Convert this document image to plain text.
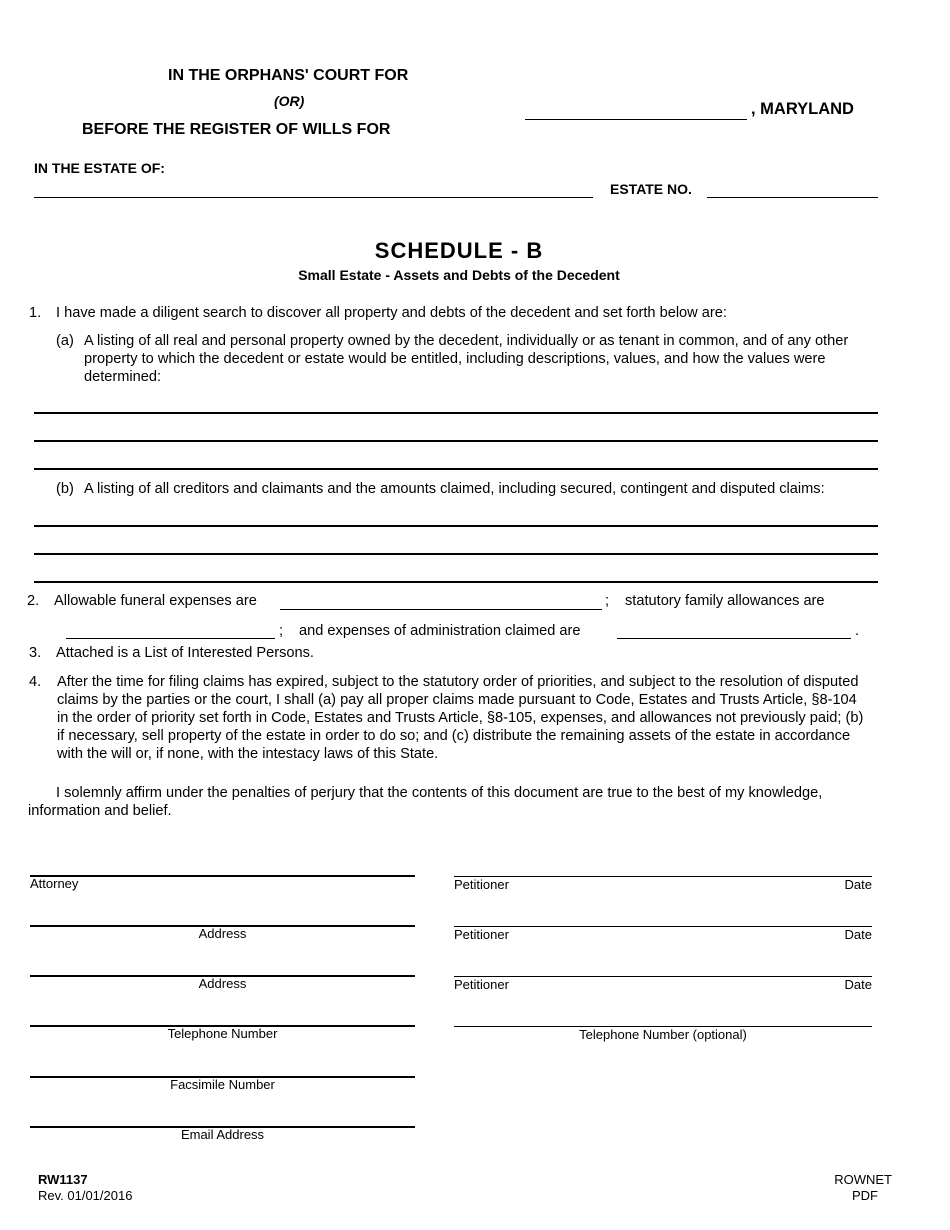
IN THE ORPHANS' COURT FOR
(OR)
BEFORE THE REGISTER OF WILLS FOR
, MARYLAND
IN THE ESTATE OF:
ESTATE NO.
SCHEDULE - B
Small Estate - Assets and Debts of the Decedent
1. I have made a diligent search to discover all property and debts of the decedent and set forth below are:
(a) A listing of all real and personal property owned by the decedent, individually or as tenant in common, and of any other property to which the decedent or estate would be entitled, including descriptions, values, and how the values were determined:
(b) A listing of all creditors and claimants and the amounts claimed, including secured, contingent and disputed claims:
2. Allowable funeral expenses are	; statutory family allowances are
; and expenses of administration claimed are	.
3. Attached is a List of Interested Persons.
4. After the time for filing claims has expired, subject to the statutory order of priorities, and subject to the resolution of disputed claims by the parties or the court, I shall (a) pay all proper claims made pursuant to Code, Estates and Trusts Article, §8-104 in the order of priority set forth in Code, Estates and Trusts Article, §8-105, expenses, and allowances not previously paid; (b) if necessary, sell property of the estate in order to do so; and (c) distribute the remaining assets of the estate in accordance with the will or, if none, with the intestacy laws of this State.
I solemnly affirm under the penalties of perjury that the contents of this document are true to the best of my knowledge, information and belief.
Attorney
Address
Address
Telephone Number
Facsimile Number
Email Address
Petitioner	Date
Petitioner	Date
Petitioner	Date
Telephone Number (optional)
RW1137
Rev. 01/01/2016
ROWNET
PDF
